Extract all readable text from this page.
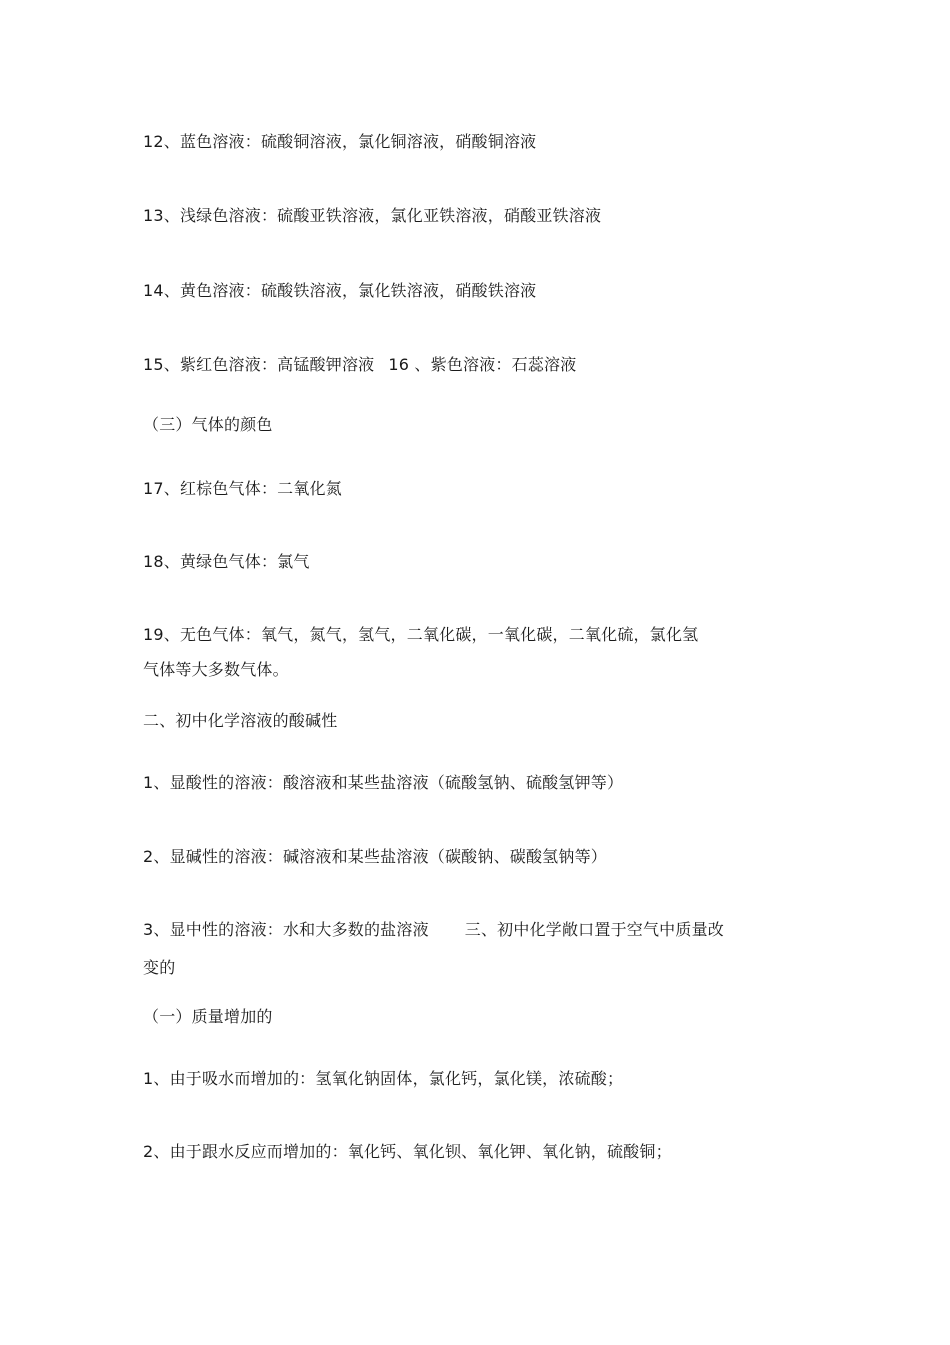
12、蓝色溶液：硫酸铜溶液，氯化铜溶液，硝酸铜溶液
13、浅绿色溶液：硫酸亚铁溶液，氯化亚铁溶液，硝酸亚铁溶液
14、黄色溶液：硫酸铁溶液，氯化铁溶液，硝酸铁溶液
15、紫红色溶液：高锰酸钾溶液 16 、紫色溶液：石蕊溶液
（三）气体的颜色
17、红棕色气体：二氧化氮
18、黄绿色气体：氯气
19、无色气体：氧气，氮气，氢气，二氧化碳，一氧化碳，二氧化硫，氯化氢
气体等大多数气体。
二、初中化学溶液的酸碱性
1、显酸性的溶液：酸溶液和某些盐溶液（硫酸氢钠、硫酸氢钾等）
2、显碱性的溶液：碱溶液和某些盐溶液（碳酸钠、碳酸氢钠等）
3、显中性的溶液：水和大多数的盐溶液 三、初中化学敞口置于空气中质量改
变的
（一）质量增加的
1、由于吸水而增加的：氢氧化钠固体，氯化钙，氯化镁，浓硫酸；
2、由于跟水反应而增加的：氧化钙、氧化钡、氧化钾、氧化钠，硫酸铜；
